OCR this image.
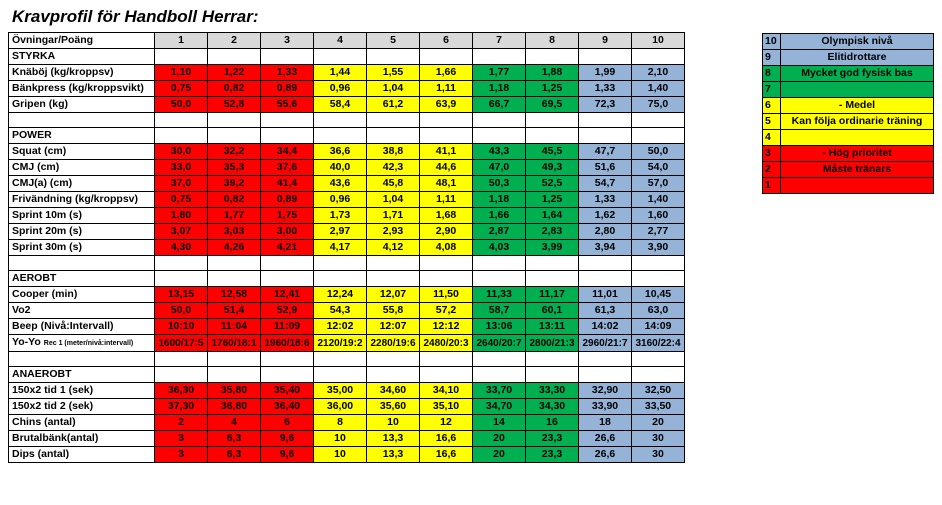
Kravprofil för Handboll Herrar:
Övningar/Poäng	1	2	3	4	5	6	7	8	9	10
STYRKA										
Knäböj (kg/kroppsv)	1,10	1,22	1,33	1,44	1,55	1,66	1,77	1,88	1,99	2,10
Bänkpress (kg/kroppsvikt)	0,75	0,82	0,89	0,96	1,04	1,11	1,18	1,25	1,33	1,40
Gripen (kg)	50,0	52,8	55,6	58,4	61,2	63,9	66,7	69,5	72,3	75,0

POWER										
Squat (cm)	30,0	32,2	34,4	36,6	38,8	41,1	43,3	45,5	47,7	50,0
CMJ (cm)	33,0	35,3	37,6	40,0	42,3	44,6	47,0	49,3	51,6	54,0
CMJ(a) (cm)	37,0	39,2	41,4	43,6	45,8	48,1	50,3	52,5	54,7	57,0
Frivändning (kg/kroppsv)	0,75	0,82	0,89	0,96	1,04	1,11	1,18	1,25	1,33	1,40
Sprint 10m (s)	1,80	1,77	1,75	1,73	1,71	1,68	1,66	1,64	1,62	1,60
Sprint 20m (s)	3,07	3,03	3,00	2,97	2,93	2,90	2,87	2,83	2,80	2,77
Sprint 30m (s)	4,30	4,26	4,21	4,17	4,12	4,08	4,03	3,99	3,94	3,90

AEROBT										
Cooper (min)	13,15	12,58	12,41	12,24	12,07	11,50	11,33	11,17	11,01	10,45
Vo2	50,0	51,4	52,9	54,3	55,8	57,2	58,7	60,1	61,3	63,0
Beep (Nivå:Intervall)	10:10	11:04	11:09	12:02	12:07	12:12	13:06	13:11	14:02	14:09
Yo-Yo Rec 1 (meter/nivå:intervall)	1600/17:5	1760/18:1	1960/18:6	2120/19:2	2280/19:6	2480/20:3	2640/20:7	2800/21:3	2960/21:7	3160/22:4

ANAEROBT										
150x2 tid 1 (sek)	36,30	35,80	35,40	35,00	34,60	34,10	33,70	33,30	32,90	32,50
150x2 tid 2 (sek)	37,30	36,80	36,40	36,00	35,60	35,10	34,70	34,30	33,90	33,50
Chins (antal)	2	4	6	8	10	12	14	16	18	20
Brutalbänk(antal)	3	6,3	9,6	10	13,3	16,6	20	23,3	26,6	30
Dips (antal)	3	6,3	9,6	10	13,3	16,6	20	23,3	26,6	30
10	Olympisk nivå
9	Elitidrottare
8	Mycket god fysisk bas
7	
6	- Medel
5	Kan följa ordinarie träning
4	
3	- Hög prioritet
2	Måste tränars
1	
